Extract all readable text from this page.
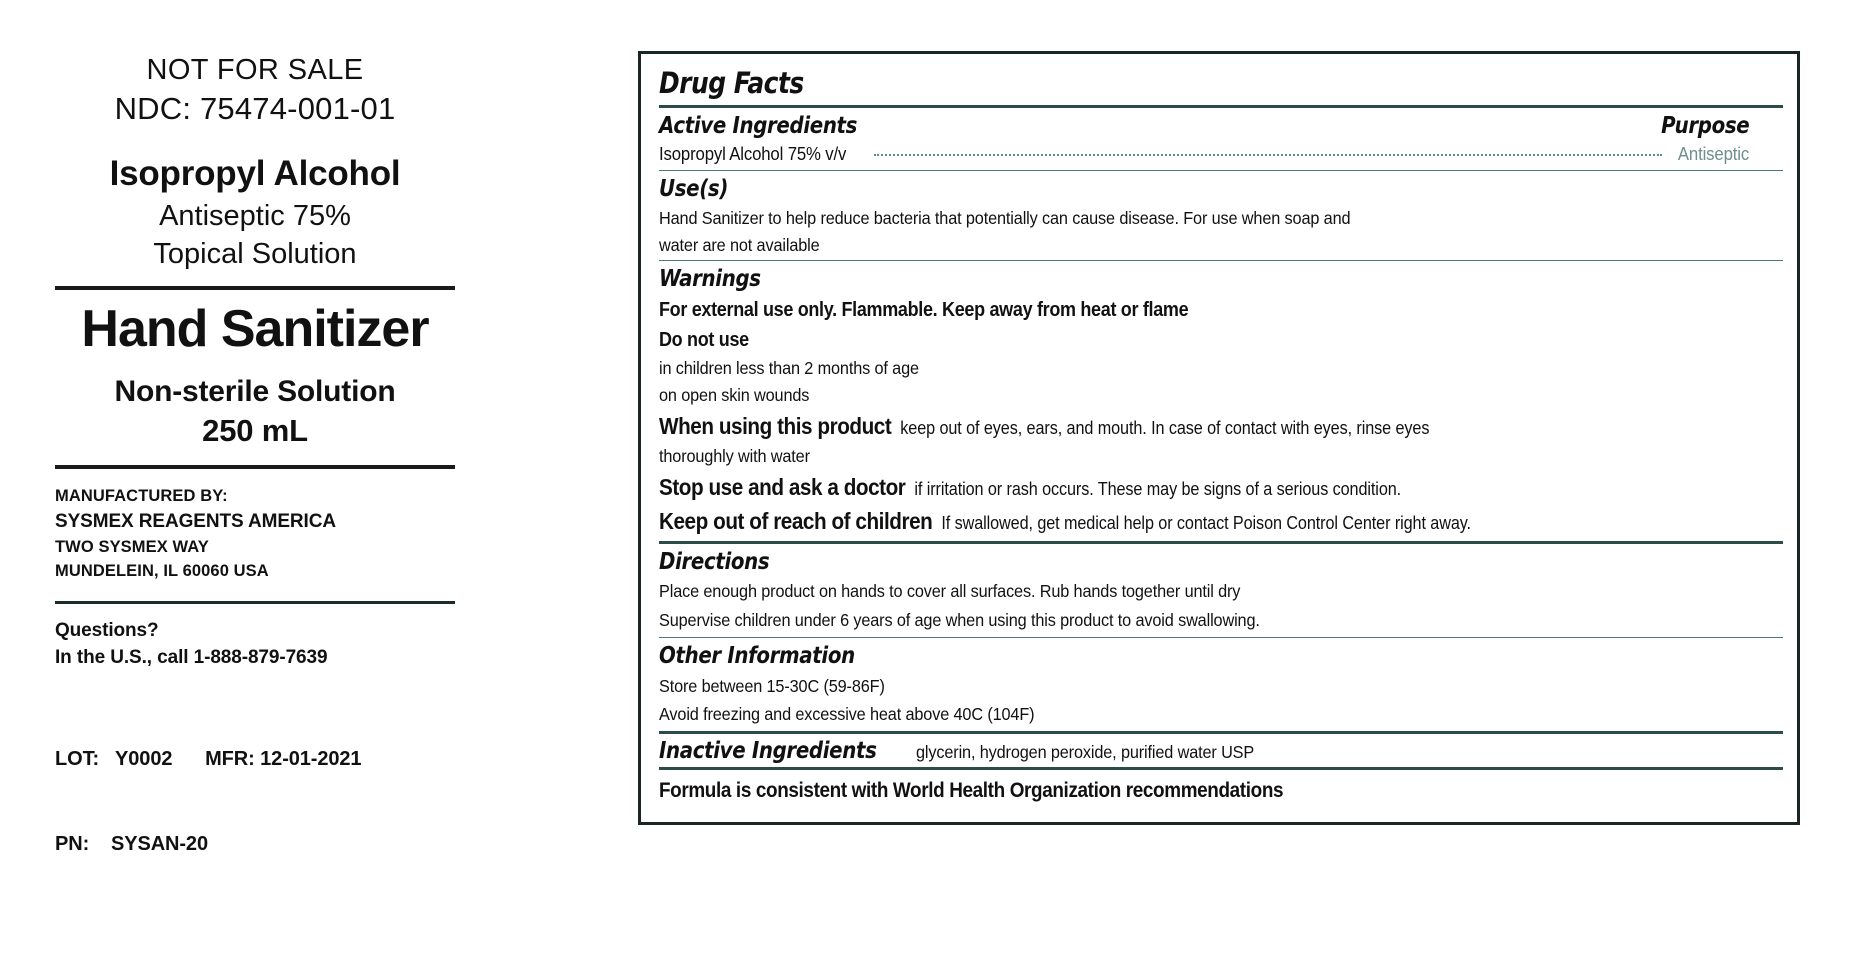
NOT FOR SALE
NDC: 75474-001-01
Isopropyl Alcohol
Antiseptic 75%
Topical Solution
Hand Sanitizer
Non-sterile Solution
250 mL
MANUFACTURED BY:
SYSMEX REAGENTS AMERICA
TWO SYSMEX WAY
MUNDELEIN, IL 60060 USA
Questions?
In the U.S., call 1-888-879-7639

LOT:   Y0002      MFR: 12-01-2021

PN:    SYSAN-20

Drug Facts
Active Ingredients	Purpose
Isopropyl Alcohol 75% v/v	Antiseptic
Use(s)
Hand Sanitizer to help reduce bacteria that potentially can cause disease. For use when soap and
water are not available
Warnings
For external use only. Flammable. Keep away from heat or flame
Do not use
in children less than 2 months of age
on open skin wounds
When using this product keep out of eyes, ears, and mouth. In case of contact with eyes, rinse eyes
thoroughly with water
Stop use and ask a doctor if irritation or rash occurs. These may be signs of a serious condition.
Keep out of reach of children If swallowed, get medical help or contact Poison Control Center right away.
Directions
Place enough product on hands to cover all surfaces. Rub hands together until dry
Supervise children under 6 years of age when using this product to avoid swallowing.
Other Information
Store between 15-30C (59-86F)
Avoid freezing and excessive heat above 40C (104F)
Inactive Ingredients glycerin, hydrogen peroxide, purified water USP
Formula is consistent with World Health Organization recommendations
